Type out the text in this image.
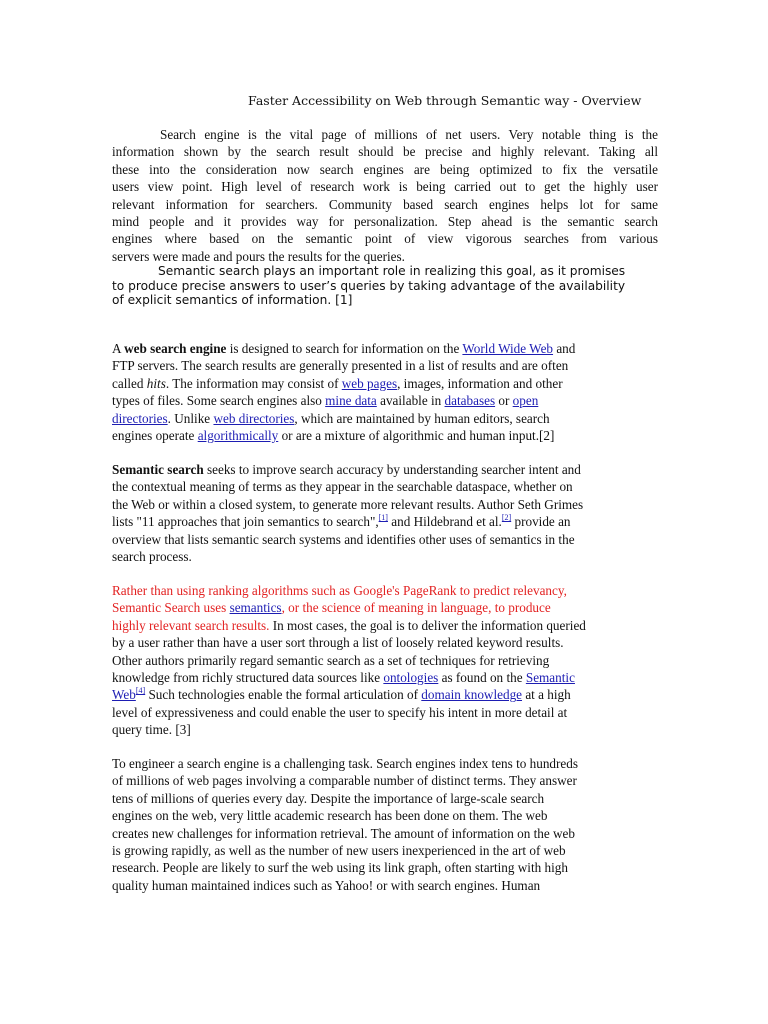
Faster Accessibility on Web through Semantic way - Overview
Search engine is the vital page of millions of net users. Very notable thing is the
information shown by the search result should be precise and highly relevant. Taking all
these into the consideration now search engines are being optimized to fix the versatile
users view point. High level of research work is being carried out to get the highly user
relevant information for searchers. Community based search engines helps lot for same
mind people and it provides way for personalization. Step ahead is the semantic search
engines where based on the semantic point of view vigorous searches from various
servers were made and pours the results for the queries.
Semantic search plays an important role in realizing this goal, as it promises
to produce precise answers to user’s queries by taking advantage of the availability
of explicit semantics of information. [1]
A web search engine is designed to search for information on the World Wide Web and
FTP servers. The search results are generally presented in a list of results and are often
called hits. The information may consist of web pages, images, information and other
types of files. Some search engines also mine data available in databases or open
directories. Unlike web directories, which are maintained by human editors, search
engines operate algorithmically or are a mixture of algorithmic and human input.[2]
Semantic search seeks to improve search accuracy by understanding searcher intent and
the contextual meaning of terms as they appear in the searchable dataspace, whether on
the Web or within a closed system, to generate more relevant results. Author Seth Grimes
lists "11 approaches that join semantics to search",[1] and Hildebrand et al.[2] provide an
overview that lists semantic search systems and identifies other uses of semantics in the
search process.
Rather than using ranking algorithms such as Google's PageRank to predict relevancy,
Semantic Search uses semantics, or the science of meaning in language, to produce
highly relevant search results. In most cases, the goal is to deliver the information queried
by a user rather than have a user sort through a list of loosely related keyword results.
Other authors primarily regard semantic search as a set of techniques for retrieving
knowledge from richly structured data sources like ontologies as found on the Semantic
Web[4] Such technologies enable the formal articulation of domain knowledge at a high
level of expressiveness and could enable the user to specify his intent in more detail at
query time. [3]
To engineer a search engine is a challenging task. Search engines index tens to hundreds
of millions of web pages involving a comparable number of distinct terms. They answer
tens of millions of queries every day. Despite the importance of large-scale search
engines on the web, very little academic research has been done on them. The web
creates new challenges for information retrieval. The amount of information on the web
is growing rapidly, as well as the number of new users inexperienced in the art of web
research. People are likely to surf the web using its link graph, often starting with high
quality human maintained indices such as Yahoo! or with search engines. Human
